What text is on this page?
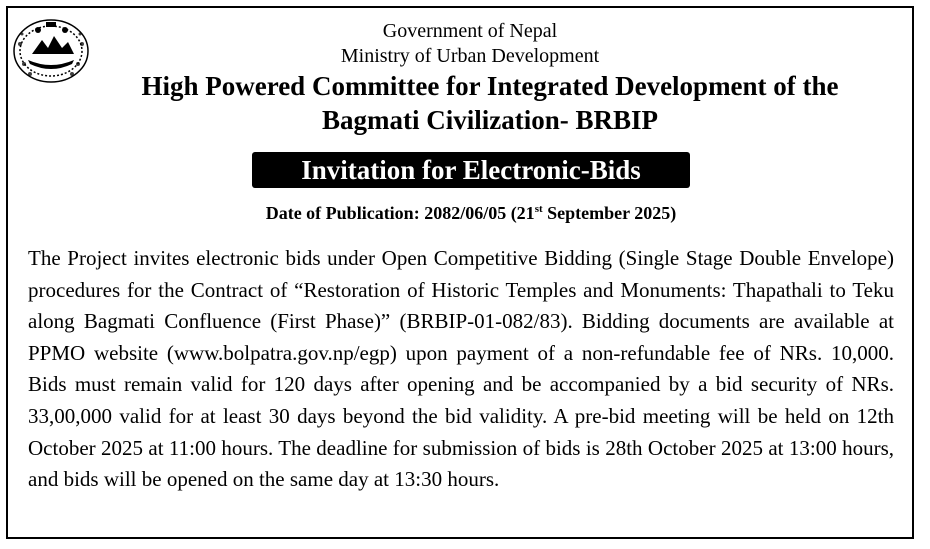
Government of Nepal
Ministry of Urban Development
High Powered Committee for Integrated Development of the
Bagmati Civilization- BRBIP
Invitation for Electronic-Bids
Date of Publication: 2082/06/05 (21st September 2025)

The Project invites electronic bids under Open Competitive Bidding (Single Stage Double Envelope) procedures for the Contract of “Restoration of Historic Temples and Monuments: Thapathali to Teku along Bagmati Confluence (First Phase)” (BRBIP-01-082/83). Bidding documents are available at PPMO website (www.bolpatra.gov.np/egp) upon payment of a non-refundable fee of NRs. 10,000. Bids must remain valid for 120 days after opening and be accompanied by a bid security of NRs. 33,00,000 valid for at least 30 days beyond the bid validity. A pre-bid meeting will be held on 12th October 2025 at 11:00 hours. The deadline for submission of bids is 28th October 2025 at 13:00 hours, and bids will be opened on the same day at 13:30 hours.
